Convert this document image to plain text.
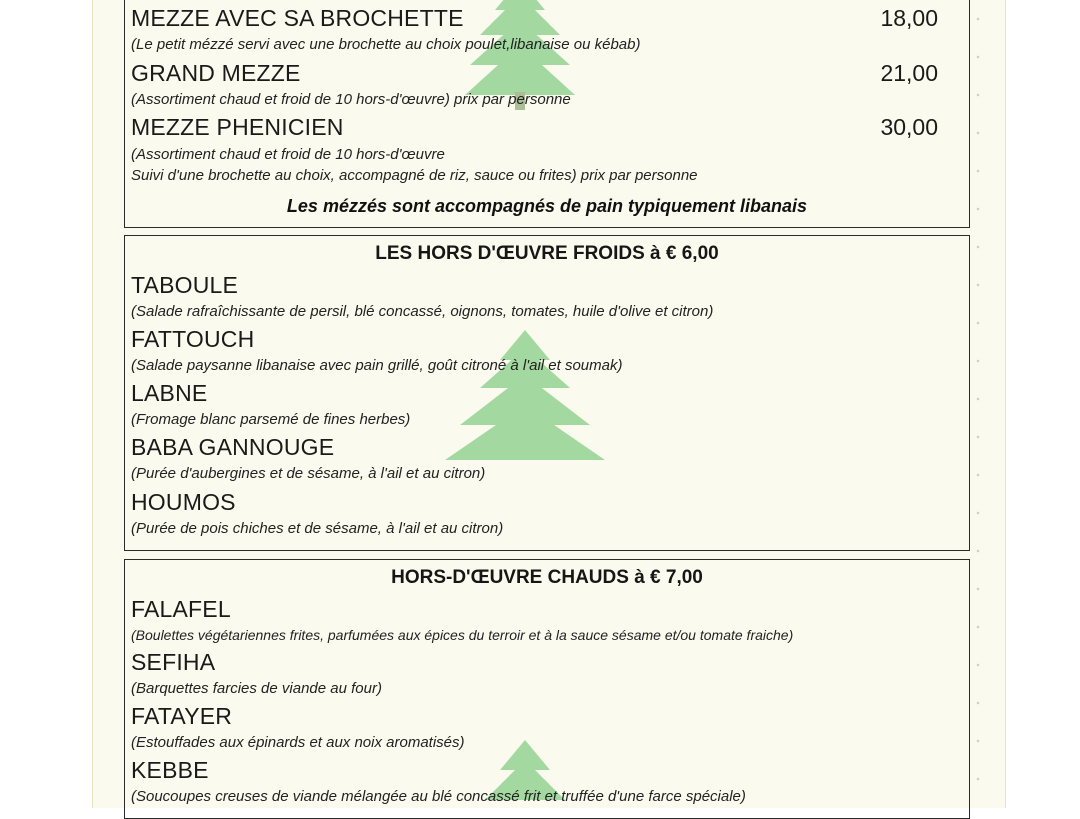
MEZZE AVEC SA BROCHETTE	18,00
(Le petit mézzé servi avec une brochette au choix poulet,libanaise ou kébab)
GRAND MEZZE	21,00
(Assortiment chaud et froid de 10 hors-d'œuvre) prix par personne
MEZZE PHENICIEN	30,00
(Assortiment chaud et froid de 10 hors-d'œuvre
Suivi d'une brochette au choix, accompagné de riz, sauce ou frites) prix par personne
Les mézzés sont accompagnés de pain typiquement libanais
LES HORS D'ŒUVRE FROIDS à € 6,00
TABOULE
(Salade rafraîchissante de persil, blé concassé, oignons, tomates, huile d'olive et citron)
FATTOUCH
(Salade paysanne libanaise avec pain grillé, goût citroné à l'ail et soumak)
LABNE
(Fromage blanc parsemé de fines herbes)
BABA GANNOUGE
(Purée d'aubergines et de sésame, à l'ail et au citron)
HOUMOS
(Purée de pois chiches et de sésame, à l'ail et au citron)
HORS-D'ŒUVRE CHAUDS à € 7,00
FALAFEL
(Boulettes végétariennes frites, parfumées aux épices du terroir et à la sauce sésame et/ou tomate fraiche)
SEFIHA
(Barquettes farcies de viande au four)
FATAYER
(Estouffades aux épinards et aux noix aromatisés)
KEBBE
(Soucoupes creuses de viande mélangée au blé concassé frit et truffée d'une farce spéciale)
